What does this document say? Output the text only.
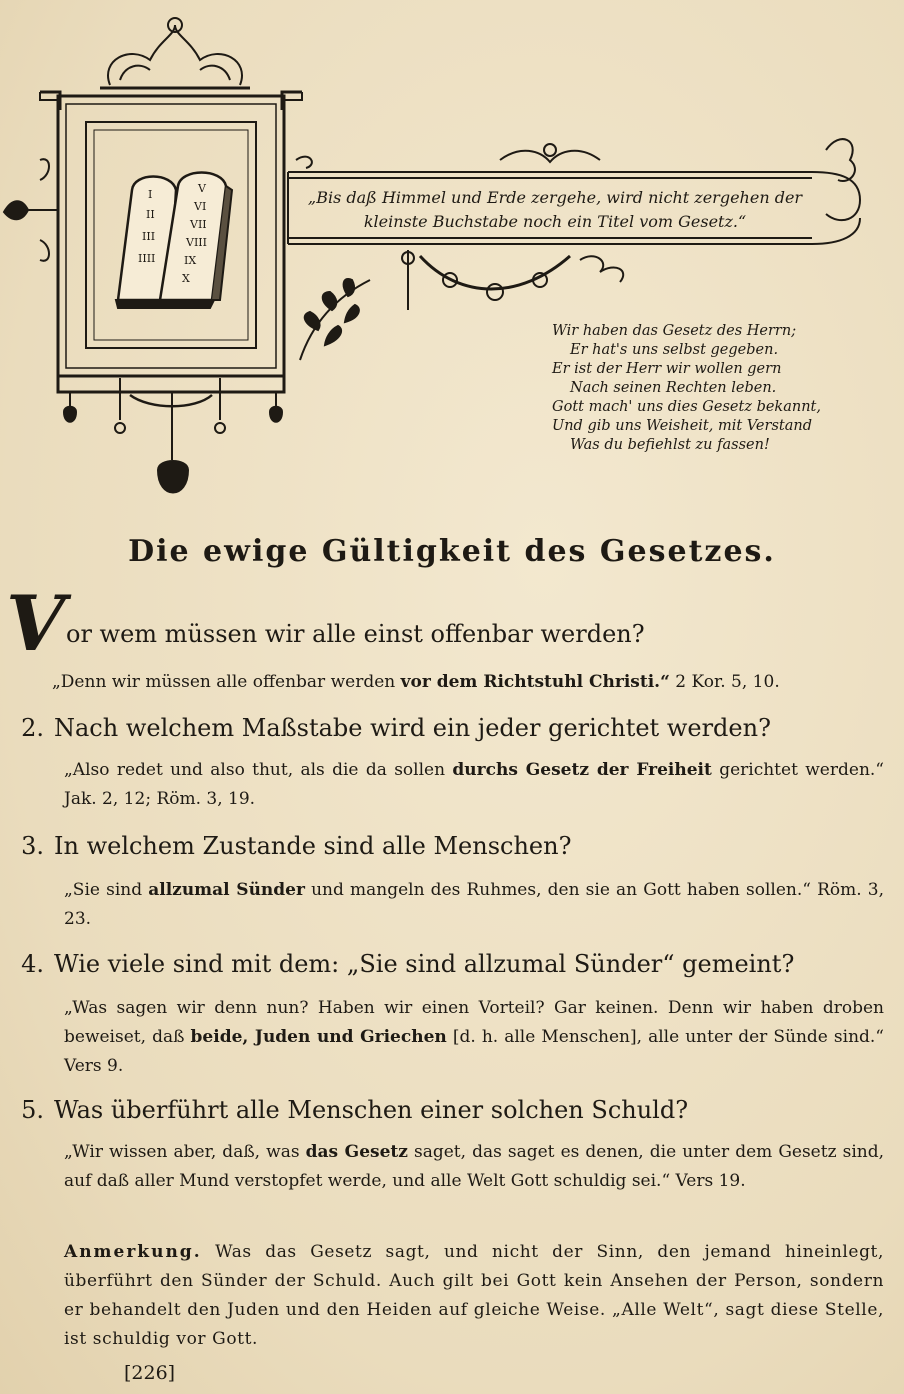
I
II
III
IIII
V
VI
VII
VIII
IX
X
„Bis daß Himmel und Erde zergehe, wird nicht zergehen der kleinste Buchstabe noch ein Titel vom Gesetz.“
Wir haben das Gesetz des Herrn;
Er hat's uns selbst gegeben.
Er ist der Herr wir wollen gern
Nach seinen Rechten leben.
Gott mach' uns dies Gesetz bekannt,
Und gib uns Weisheit, mit Verstand
Was du befiehlst zu fassen!
Die ewige Gültigkeit des Gesetzes.
V or wem müssen wir alle einst offenbar werden?
„Denn wir müssen alle offenbar werden vor dem Richtstuhl Christi.“ 2 Kor. 5, 10.
2. Nach welchem Maßstabe wird ein jeder gerichtet werden?
„Also redet und also thut, als die da sollen durchs Gesetz der Freiheit gerichtet werden.“ Jak. 2, 12; Röm. 3, 19.
3. In welchem Zustande sind alle Menschen?
„Sie sind allzumal Sünder und mangeln des Ruhmes, den sie an Gott haben sollen.“ Röm. 3, 23.
4. Wie viele sind mit dem: „Sie sind allzumal Sünder“ gemeint?
„Was sagen wir denn nun? Haben wir einen Vorteil? Gar keinen. Denn wir haben droben beweiset, daß beide, Juden und Griechen [d. h. alle Menschen], alle unter der Sünde sind.“ Vers 9.
5. Was überführt alle Menschen einer solchen Schuld?
„Wir wissen aber, daß, was das Gesetz saget, das saget es denen, die unter dem Gesetz sind, auf daß aller Mund verstopfet werde, und alle Welt Gott schuldig sei.“ Vers 19.
Anmerkung. Was das Gesetz sagt, und nicht der Sinn, den jemand hineinlegt, überführt den Sünder der Schuld. Auch gilt bei Gott kein Ansehen der Person, sondern er behandelt den Juden und den Heiden auf gleiche Weise. „Alle Welt“, sagt diese Stelle, ist schuldig vor Gott.
[226]
